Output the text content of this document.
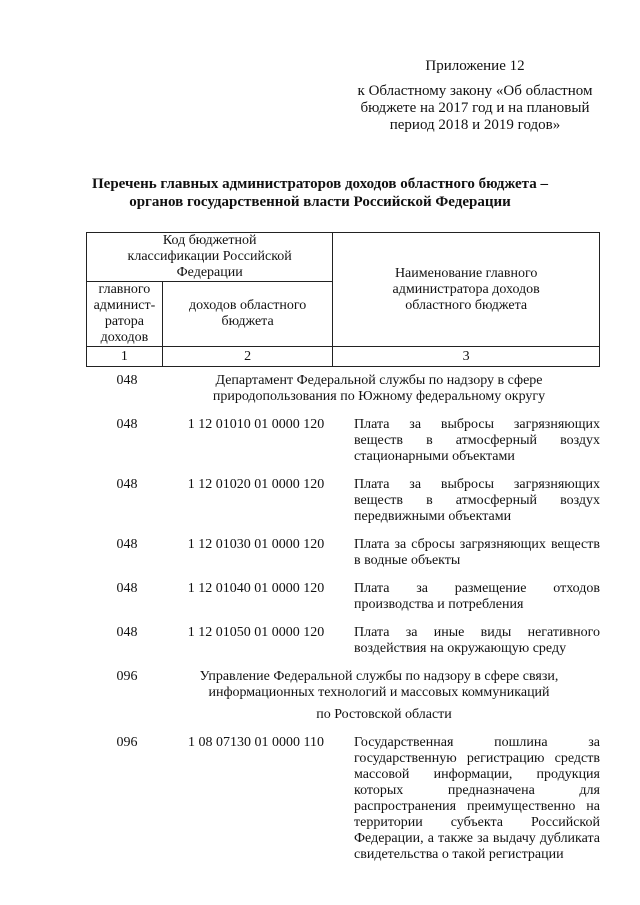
Приложение 12
к Областному закону «Об областном
бюджете на 2017 год и на плановый
период 2018 и 2019 годов»
Перечень главных администраторов доходов областного бюджета –
органов государственной власти Российской Федерации
Код бюджетной классификации Российской Федерации		Наименование главного администратора доходов областного бюджета
главного админист-ратора доходов	доходов областного бюджета	
1	2	3
048	Департамент Федеральной службы по надзору в сфере природопользования по Южному федеральному округу
048	1 12 01010 01 0000 120	Плата за выбросы загрязняющих веществ в атмосферный воздух стационарными объектами
048	1 12 01020 01 0000 120	Плата за выбросы загрязняющих веществ в атмосферный воздух передвижными объектами
048	1 12 01030 01 0000 120	Плата за сбросы загрязняющих веществ в водные объекты
048	1 12 01040 01 0000 120	Плата за размещение отходов производства и потребления
048	1 12 01050 01 0000 120	Плата за иные виды негативного воздействия на окружающую среду
096	Управление Федеральной службы по надзору в сфере связи, информационных технологий и массовых коммуникаций
по Ростовской области
096	1 08 07130 01 0000 110	Государственная пошлина за государственную регистрацию средств массовой информации, продукция которых предназначена для распространения преимущественно на территории субъекта Российской Федерации, а также за выдачу дубликата свидетельства о такой регистрации
